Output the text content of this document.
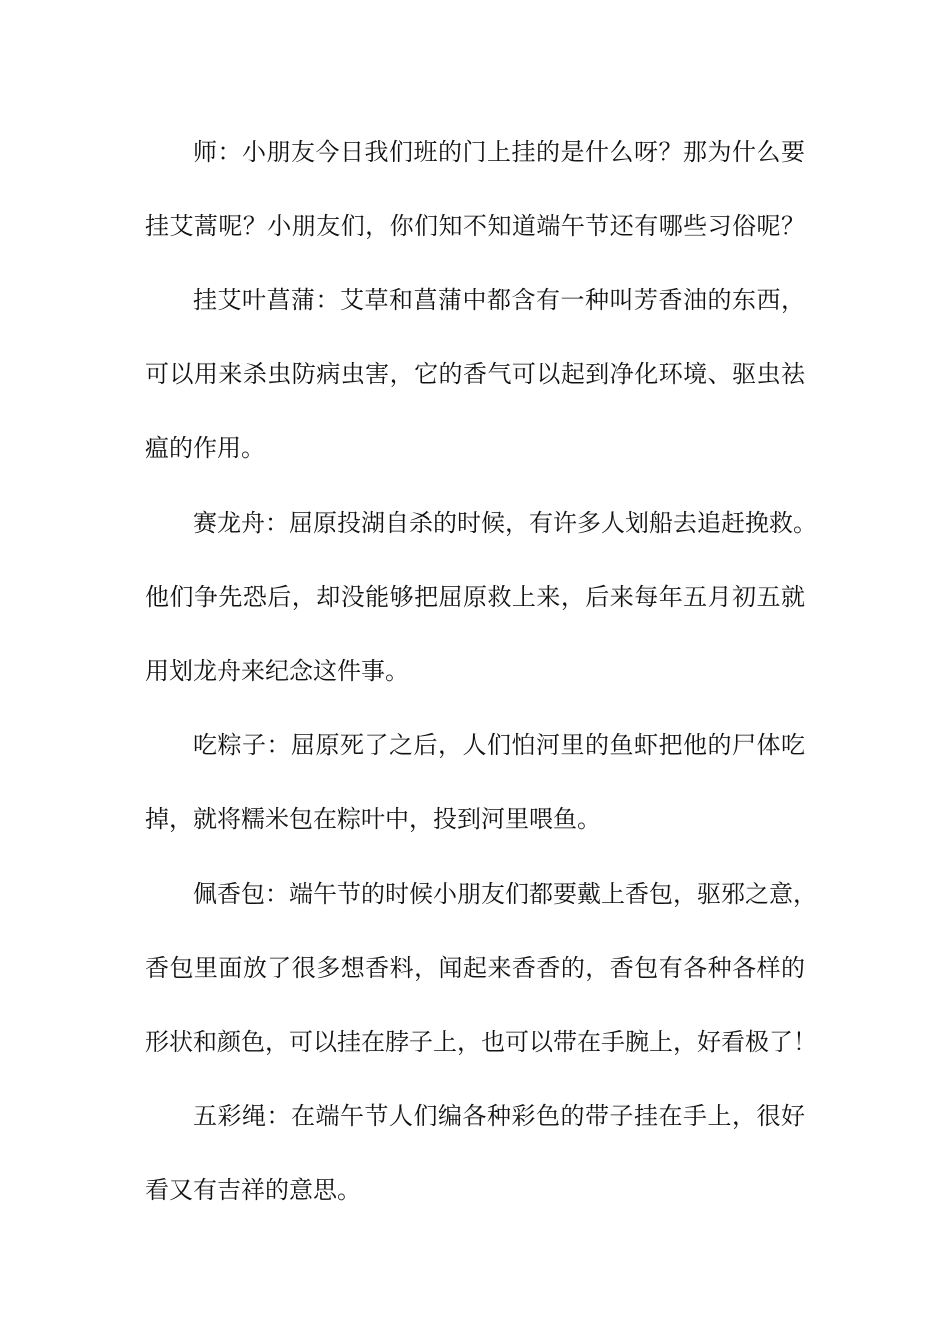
师：小朋友今日我们班的门上挂的是什么呀？那为什么要
挂艾蒿呢？小朋友们，你们知不知道端午节还有哪些习俗呢？
挂艾叶菖蒲：艾草和菖蒲中都含有一种叫芳香油的东西，
可以用来杀虫防病虫害，它的香气可以起到净化环境、驱虫祛
瘟的作用。
赛龙舟：屈原投湖自杀的时候，有许多人划船去追赶挽救。
他们争先恐后，却没能够把屈原救上来，后来每年五月初五就
用划龙舟来纪念这件事。
吃粽子：屈原死了之后，人们怕河里的鱼虾把他的尸体吃
掉，就将糯米包在粽叶中，投到河里喂鱼。
佩香包：端午节的时候小朋友们都要戴上香包，驱邪之意，
香包里面放了很多想香料，闻起来香香的，香包有各种各样的
形状和颜色，可以挂在脖子上，也可以带在手腕上，好看极了！
五彩绳：在端午节人们编各种彩色的带子挂在手上，很好
看又有吉祥的意思。
